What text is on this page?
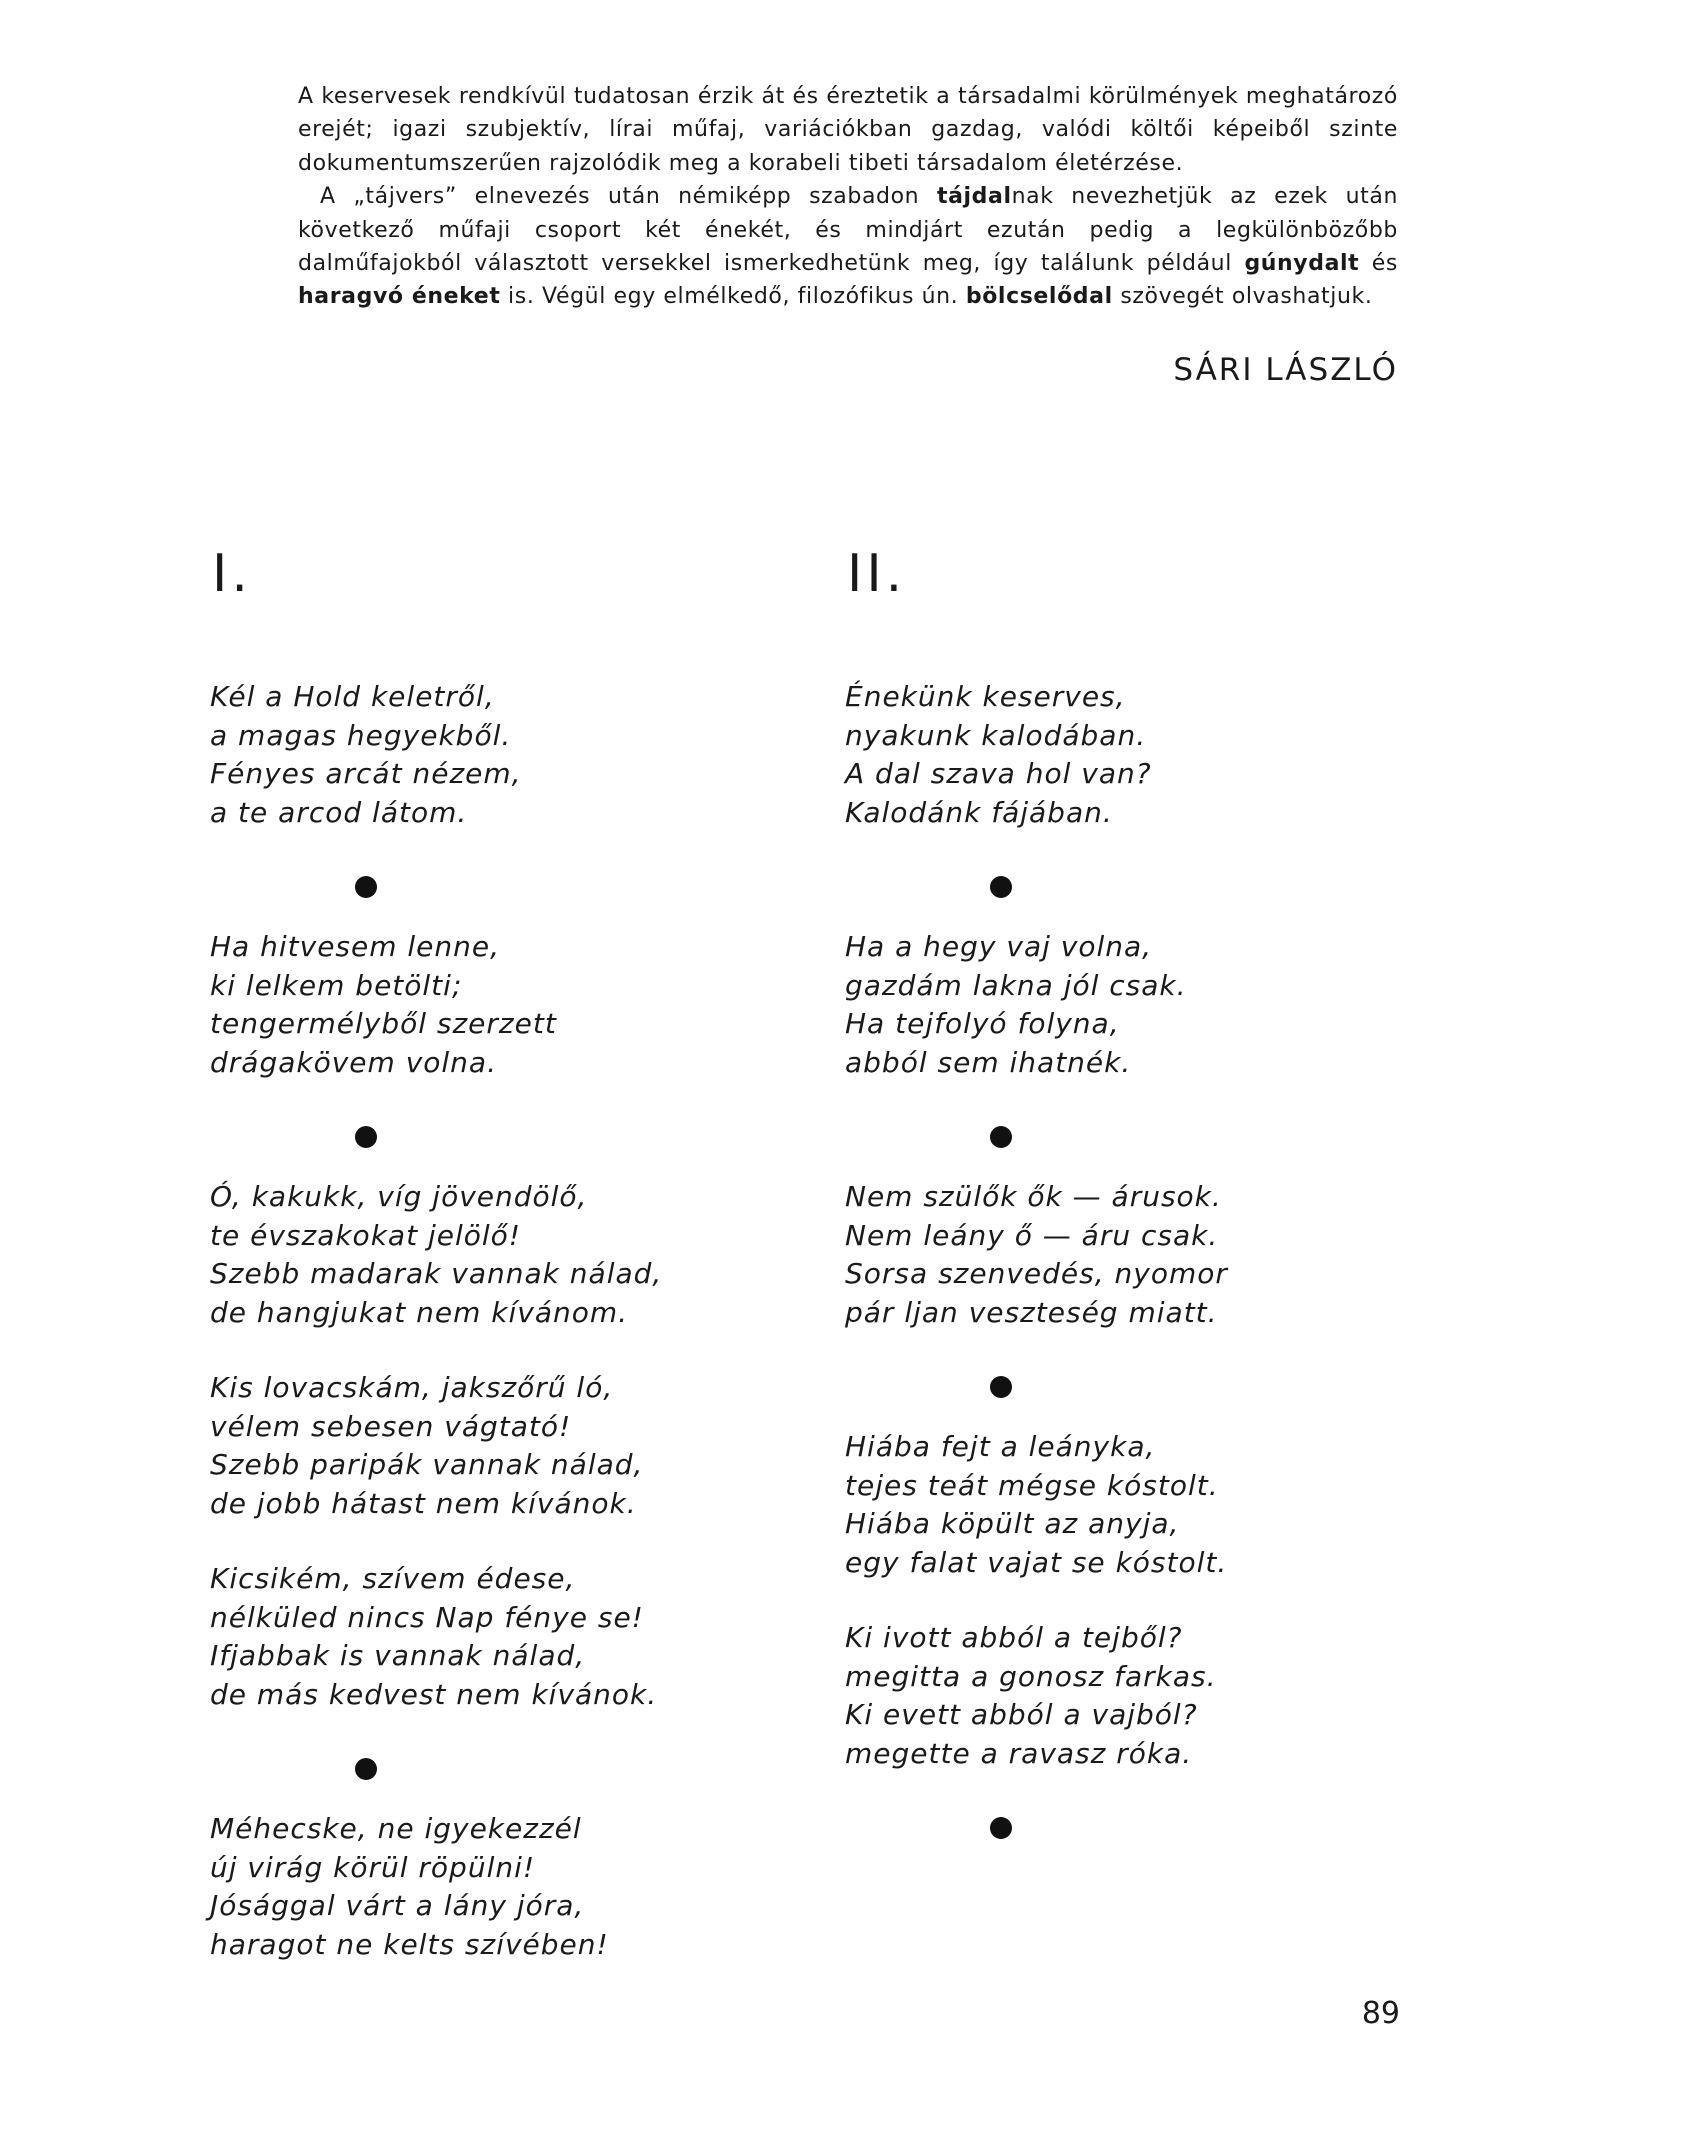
A keservesek rendkívül tudatosan érzik át és éreztetik a társadalmi körülmények meghatározó erejét; igazi szubjektív, lírai műfaj, variációkban gazdag, valódi költői képeiből szinte dokumentumszerűen rajzolódik meg a korabeli tibeti társadalom életérzése.

A „tájvers” elnevezés után némiképp szabadon tájdalnak nevezhetjük az ezek után következő műfaji csoport két énekét, és mindjárt ezután pedig a legkülönbözőbb dalműfajokból választott versekkel ismerkedhetünk meg, így találunk például gúnydalt és haragvó éneket is. Végül egy elmélkedő, filozófikus ún. bölcselődal szövegét olvashatjuk.

SÁRI LÁSZLÓ
I.
Kél a Hold keletről,
a magas hegyekből.
Fényes arcát nézem,
a te arcod látom.
Ha hitvesem lenne,
ki lelkem betölti;
tengermélyből szerzett
drágakövem volna.
Ó, kakukk, víg jövendölő,
te évszakokat jelölő!
Szebb madarak vannak nálad,
de hangjukat nem kívánom.
Kis lovacskám, jakszőrű ló,
vélem sebesen vágtató!
Szebb paripák vannak nálad,
de jobb hátast nem kívánok.
Kicsikém, szívem édese,
nélküled nincs Nap fénye se!
Ifjabbak is vannak nálad,
de más kedvest nem kívánok.
Méhecske, ne igyekezzél
új virág körül röpülni!
Jósággal várt a lány jóra,
haragot ne kelts szívében!
II.
Énekünk keserves,
nyakunk kalodában.
A dal szava hol van?
Kalodánk fájában.
Ha a hegy vaj volna,
gazdám lakna jól csak.
Ha tejfolyó folyna,
abból sem ihatnék.
Nem szülők ők — árusok.
Nem leány ő — áru csak.
Sorsa szenvedés, nyomor
pár ljan veszteség miatt.
Hiába fejt a leányka,
tejes teát mégse kóstolt.
Hiába köpült az anyja,
egy falat vajat se kóstolt.
Ki ivott abból a tejből?
megitta a gonosz farkas.
Ki evett abból a vajból?
megette a ravasz róka.
89
